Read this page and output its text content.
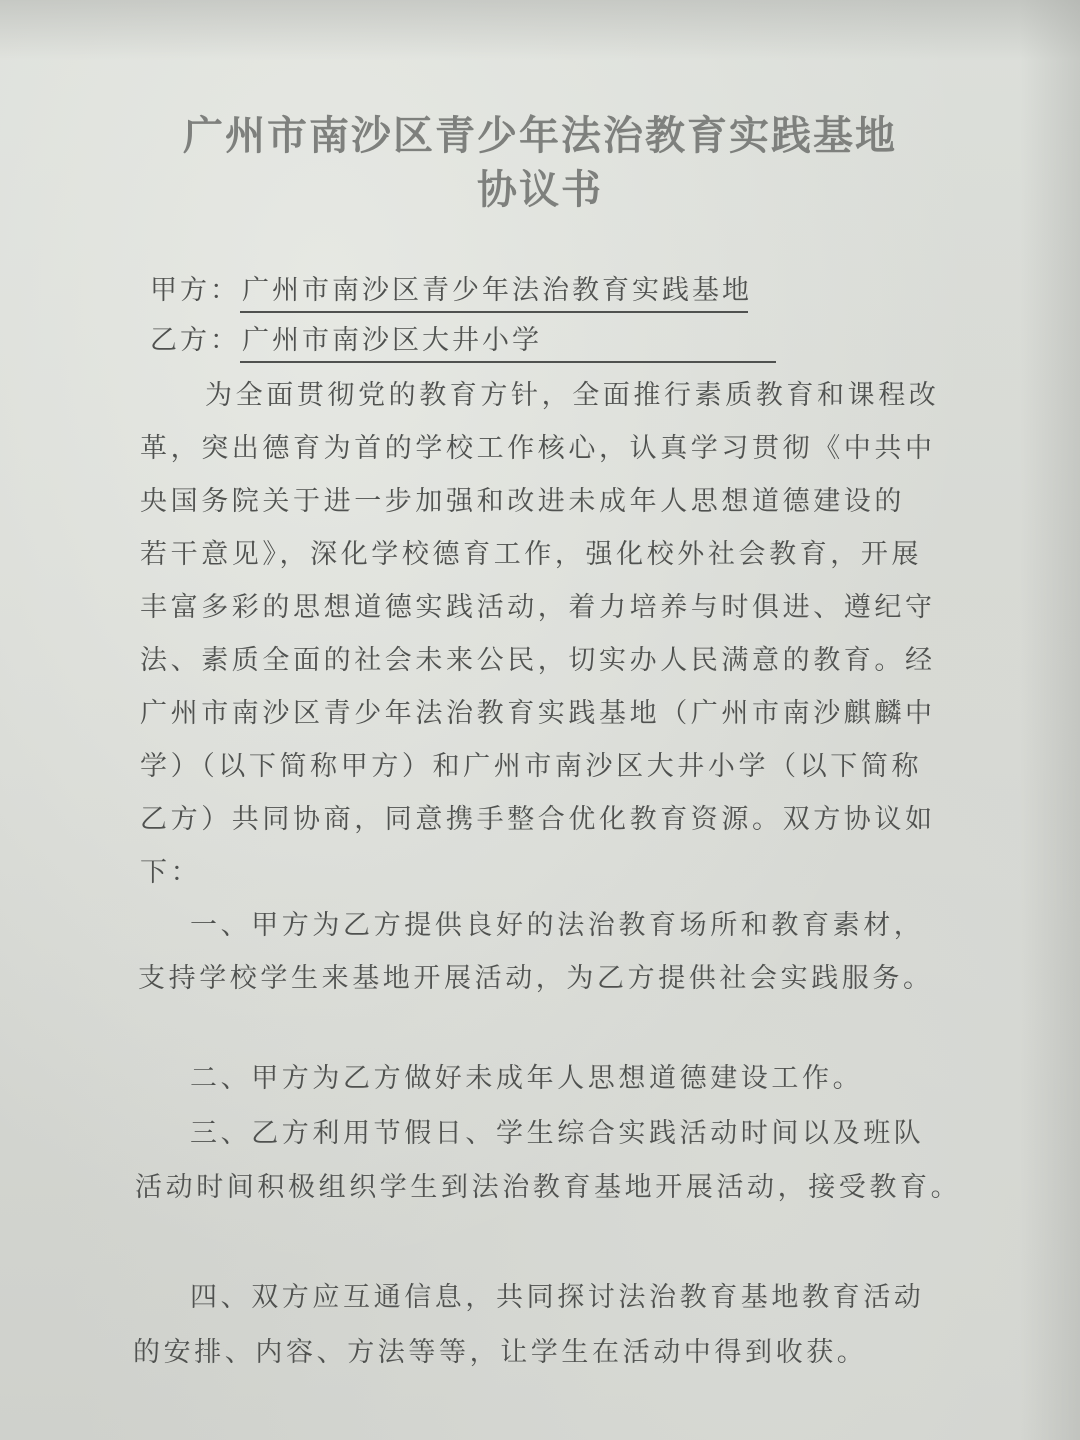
广州市南沙区青少年法治教育实践基地
协议书
甲方：广州市南沙区青少年法治教育实践基地
乙方：广州市南沙区大井小学
为全面贯彻党的教育方针，全面推行素质教育和课程改
革，突出德育为首的学校工作核心，认真学习贯彻《中共中
央国务院关于进一步加强和改进未成年人思想道德建设的
若干意见》，深化学校德育工作，强化校外社会教育，开展
丰富多彩的思想道德实践活动，着力培养与时俱进、遵纪守
法、素质全面的社会未来公民，切实办人民满意的教育。经
广州市南沙区青少年法治教育实践基地（广州市南沙麒麟中
学）（以下简称甲方）和广州市南沙区大井小学（以下简称
乙方）共同协商，同意携手整合优化教育资源。双方协议如
下：
一、甲方为乙方提供良好的法治教育场所和教育素材，
支持学校学生来基地开展活动，为乙方提供社会实践服务。
二、甲方为乙方做好未成年人思想道德建设工作。
三、乙方利用节假日、学生综合实践活动时间以及班队
活动时间积极组织学生到法治教育基地开展活动，接受教育。
四、双方应互通信息，共同探讨法治教育基地教育活动
的安排、内容、方法等等，让学生在活动中得到收获。
